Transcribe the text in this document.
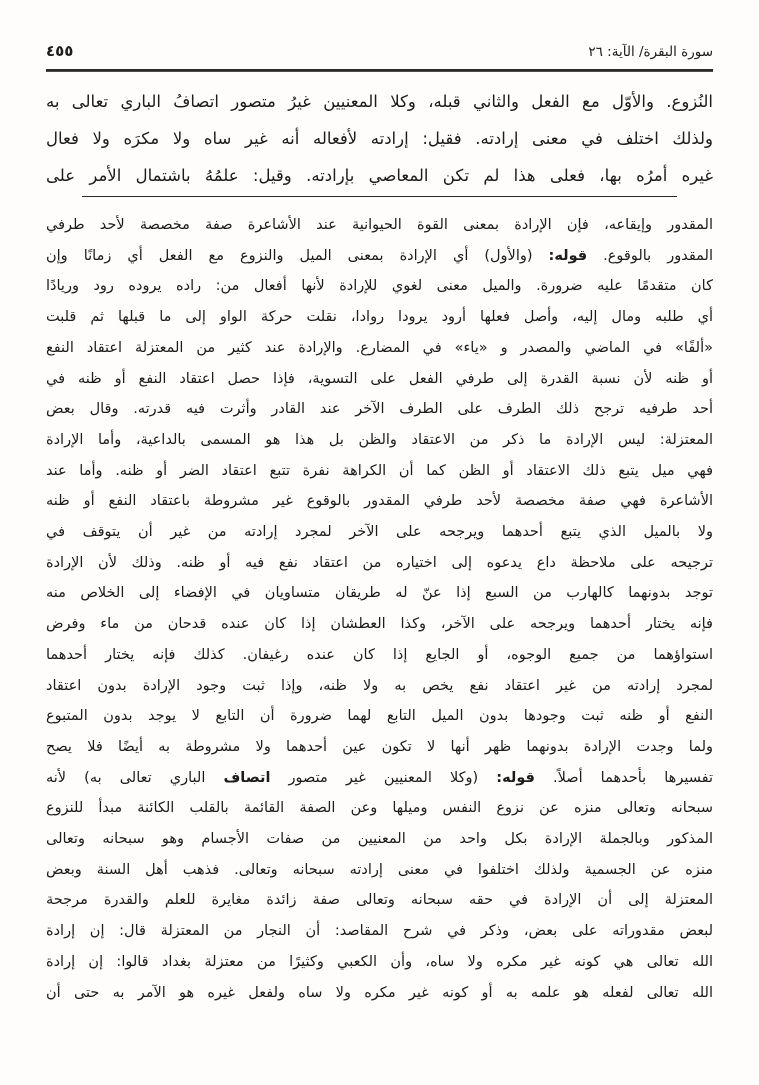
سورة البقرة/ الآية: ٢٦
٤٥٥
النُزوع. والأوّل مع الفعل والثاني قبله، وكلا المعنيين غيرُ متصور اتصافُ الباري تعالى به
ولذلك اختلف في معنى إرادته. فقيل: إرادته لأفعاله أنه غير ساه ولا مكرَه ولا فعال
غيره أمرُه بها، فعلى هذا لم تكن المعاصي بإرادته. وقيل: علمُهُ باشتمال الأمر على
المقدور وإيقاعه، فإن الإرادة بمعنى القوة الحيوانية عند الأشاعرة صفة مخصصة لأحد طرفي
المقدور بالوقوع. قوله: (والأول) أي الإرادة بمعنى الميل والنزوع مع الفعل أي زمانًا وإن
كان متقدمًا عليه ضرورة. والميل معنى لغوي للإرادة لأنها أفعال من: راده يروده رود وريادًا
أي طلبه ومال إليه، وأصل فعلها أرود يرودا روادا، نقلت حركة الواو إلى ما قبلها ثم قلبت
«ألفًا» في الماضي والمصدر و «ياء» في المضارع. والإرادة عند كثير من المعتزلة اعتقاد النفع
أو ظنه لأن نسبة القدرة إلى طرفي الفعل على التسوية، فإذا حصل اعتقاد النفع أو ظنه في
أحد طرفيه ترجح ذلك الطرف على الطرف الآخر عند القادر وأثرت فيه قدرته. وقال بعض
المعتزلة: ليس الإرادة ما ذكر من الاعتقاد والظن بل هذا هو المسمى بالداعية، وأما الإرادة
فهي ميل يتبع ذلك الاعتقاد أو الظن كما أن الكراهة نفرة تتبع اعتقاد الضر أو ظنه. وأما عند
الأشاعرة فهي صفة مخصصة لأحد طرفي المقدور بالوقوع غير مشروطة باعتقاد النفع أو ظنه
ولا بالميل الذي يتبع أحدهما ويرجحه على الآخر لمجرد إرادته من غير أن يتوقف في
ترجيحه على ملاحظة داع يدعوه إلى اختياره من اعتقاد نفع فيه أو ظنه. وذلك لأن الإرادة
توجد بدونهما كالهارب من السبع إذا عنّ له طريقان متساويان في الإفضاء إلى الخلاص منه
فإنه يختار أحدهما ويرجحه على الآخر، وكذا العطشان إذا كان عنده قدحان من ماء وفرض
استواؤهما من جميع الوجوه، أو الجايع إذا كان عنده رغيفان. كذلك فإنه يختار أحدهما
لمجرد إرادته من غير اعتقاد نفع يخص به ولا ظنه، وإذا ثبت وجود الإرادة بدون اعتقاد
النفع أو ظنه ثبت وجودها بدون الميل التابع لهما ضرورة أن التابع لا يوجد بدون المتبوع
ولما وجدت الإرادة بدونهما ظهر أنها لا تكون عين أحدهما ولا مشروطة به أيضًا فلا يصح
تفسيرها بأحدهما أصلاً. قوله: (وكلا المعنيين غير متصور اتصاف الباري تعالى به) لأنه
سبحانه وتعالى منزه عن نزوع النفس وميلها وعن الصفة القائمة بالقلب الكائنة مبدأ للنزوع
المذكور وبالجملة الإرادة بكل واحد من المعنيين من صفات الأجسام وهو سبحانه وتعالى
منزه عن الجسمية ولذلك اختلفوا في معنى إرادته سبحانه وتعالى. فذهب أهل السنة وبعض
المعتزلة إلى أن الإرادة في حقه سبحانه وتعالى صفة زائدة مغايرة للعلم والقدرة مرجحة
لبعض مقدوراته على بعض، وذكر في شرح المقاصد: أن النجار من المعتزلة قال: إن إرادة
الله تعالى هي كونه غير مكره ولا ساه، وأن الكعبي وكثيرًا من معتزلة بغداد قالوا: إن إرادة
الله تعالى لفعله هو علمه به أو كونه غير مكره ولا ساه ولفعل غيره هو الآمر به حتى أن
